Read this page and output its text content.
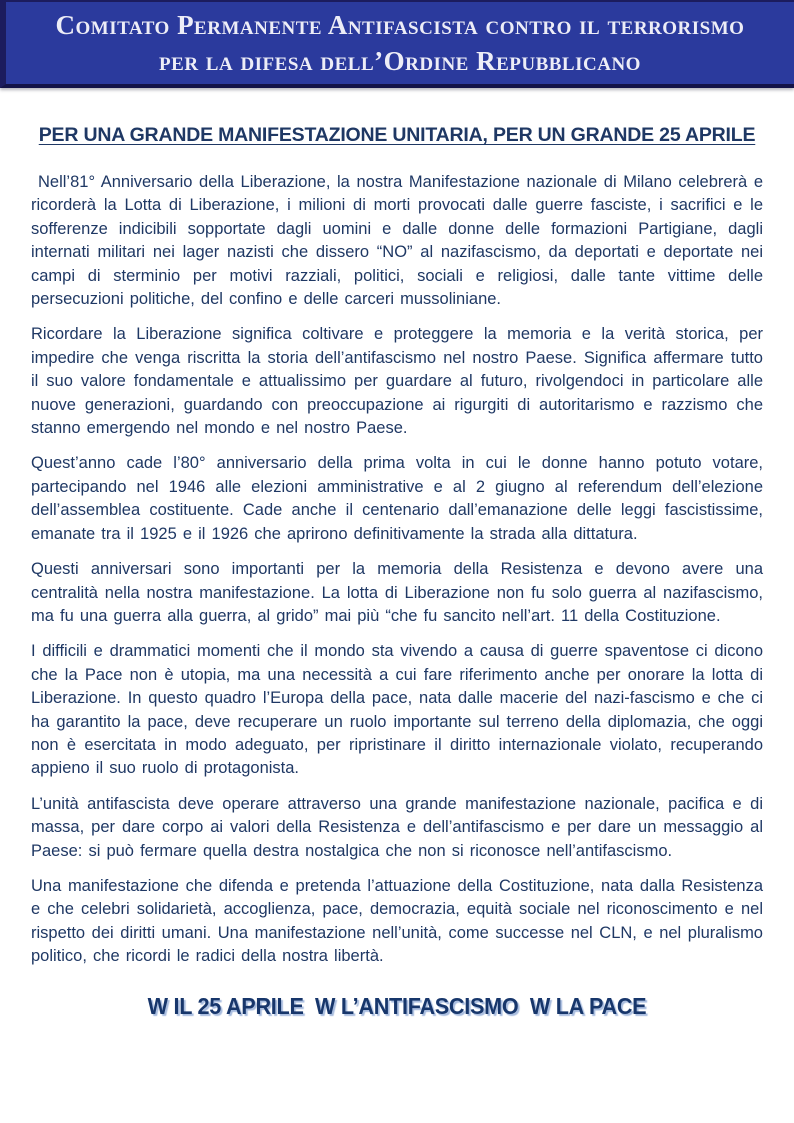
Comitato Permanente Antifascista contro il terrorismo
per la difesa dell’Ordine Repubblicano
PER UNA GRANDE MANIFESTAZIONE UNITARIA, PER UN GRANDE 25 APRILE

Nell’81° Anniversario della Liberazione, la nostra Manifestazione nazionale di Milano celebrerà e ricorderà la Lotta di Liberazione, i milioni di morti provocati dalle guerre fasciste, i sacrifici e le sofferenze indicibili sopportate dagli uomini e dalle donne delle formazioni Partigiane, dagli internati militari nei lager nazisti che dissero “NO” al nazifascismo, da deportati e deportate nei campi di sterminio per motivi razziali, politici, sociali e religiosi, dalle tante vittime delle persecuzioni politiche, del confino e delle carceri mussoliniane.

Ricordare la Liberazione significa coltivare e proteggere la memoria e la verità storica, per impedire che venga riscritta la storia dell’antifascismo nel nostro Paese. Significa affermare tutto il suo valore fondamentale e attualissimo per guardare al futuro, rivolgendoci in particolare alle nuove generazioni, guardando con preoccupazione ai rigurgiti di autoritarismo e razzismo che stanno emergendo nel mondo e nel nostro Paese.

Quest’anno cade l’80° anniversario della prima volta in cui le donne hanno potuto votare, partecipando nel 1946 alle elezioni amministrative e al 2 giugno al referendum dell’elezione dell’assemblea costituente. Cade anche il centenario dall’emanazione delle leggi fascistissime, emanate tra il 1925 e il 1926 che aprirono definitivamente la strada alla dittatura.

Questi anniversari sono importanti per la memoria della Resistenza e devono avere una centralità nella nostra manifestazione. La lotta di Liberazione non fu solo guerra al nazifascismo, ma fu una guerra alla guerra, al grido” mai più “che fu sancito nell’art. 11 della Costituzione.

I difficili e drammatici momenti che il mondo sta vivendo a causa di guerre spaventose ci dicono che la Pace non è utopia, ma una necessità a cui fare riferimento anche per onorare la lotta di Liberazione. In questo quadro l’Europa della pace, nata dalle macerie del nazi-fascismo e che ci ha garantito la pace, deve recuperare un ruolo importante sul terreno della diplomazia, che oggi non è esercitata in modo adeguato, per ripristinare il diritto internazionale violato, recuperando appieno il suo ruolo di protagonista.

L’unità antifascista deve operare attraverso una grande manifestazione nazionale, pacifica e di massa, per dare corpo ai valori della Resistenza e dell’antifascismo e per dare un messaggio al Paese: si può fermare quella destra nostalgica che non si riconosce nell’antifascismo.

Una manifestazione che difenda e pretenda l’attuazione della Costituzione, nata dalla Resistenza e che celebri solidarietà, accoglienza, pace, democrazia, equità sociale nel riconoscimento e nel rispetto dei diritti umani. Una manifestazione nell’unità, come successe nel CLN, e nel pluralismo politico, che ricordi le radici della nostra libertà.

W IL 25 APRILE  W L’ANTIFASCISMO  W LA PACE
